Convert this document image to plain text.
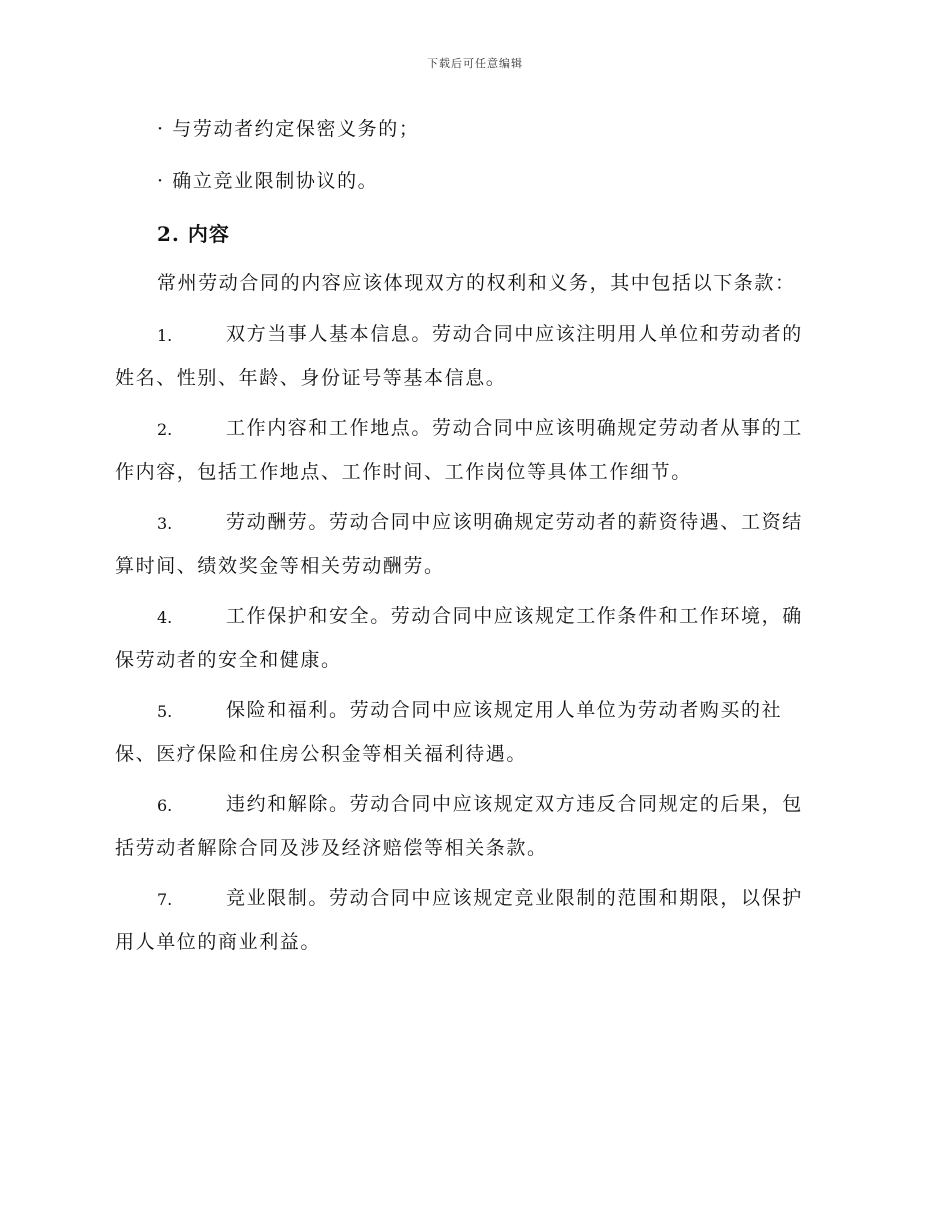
下载后可任意编辑
· 与劳动者约定保密义务的；
· 确立竞业限制协议的。
2. 内容
常州劳动合同的内容应该体现双方的权利和义务，其中包括以下条款：
1.	双方当事人基本信息。劳动合同中应该注明用人单位和劳动者的
姓名、性别、年龄、身份证号等基本信息。
2.	工作内容和工作地点。劳动合同中应该明确规定劳动者从事的工
作内容，包括工作地点、工作时间、工作岗位等具体工作细节。
3.	劳动酬劳。劳动合同中应该明确规定劳动者的薪资待遇、工资结
算时间、绩效奖金等相关劳动酬劳。
4.	工作保护和安全。劳动合同中应该规定工作条件和工作环境，确
保劳动者的安全和健康。
5.	保险和福利。劳动合同中应该规定用人单位为劳动者购买的社
保、医疗保险和住房公积金等相关福利待遇。
6.	违约和解除。劳动合同中应该规定双方违反合同规定的后果，包
括劳动者解除合同及涉及经济赔偿等相关条款。
7.	竞业限制。劳动合同中应该规定竞业限制的范围和期限，以保护
用人单位的商业利益。
